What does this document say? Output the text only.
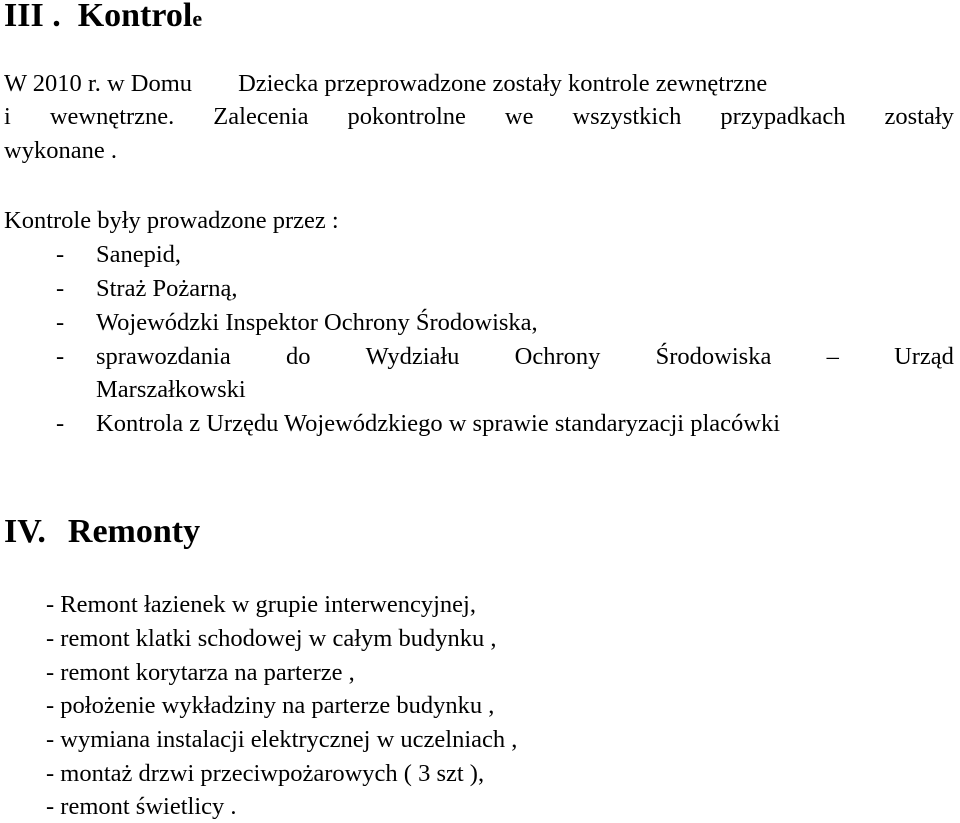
III . Kontrole
W 2010 r. w Domu Dziecka przeprowadzone zostały kontrole zewnętrzne
i wewnętrzne. Zalecenia pokontrolne we wszystkich przypadkach zostały
wykonane .
Kontrole były prowadzone przez :
- Sanepid,
- Straż Pożarną,
- Wojewódzki Inspektor Ochrony Środowiska,
- sprawozdania do Wydziału Ochrony Środowiska – Urząd
Marszałkowski
- Kontrola z Urzędu Wojewódzkiego w sprawie standaryzacji placówki
IV. Remonty
- Remont łazienek w grupie interwencyjnej,
- remont klatki schodowej w całym budynku ,
- remont korytarza na parterze ,
- położenie wykładziny na parterze budynku ,
- wymiana instalacji elektrycznej w uczelniach ,
- montaż drzwi przeciwpożarowych ( 3 szt ),
- remont świetlicy .
